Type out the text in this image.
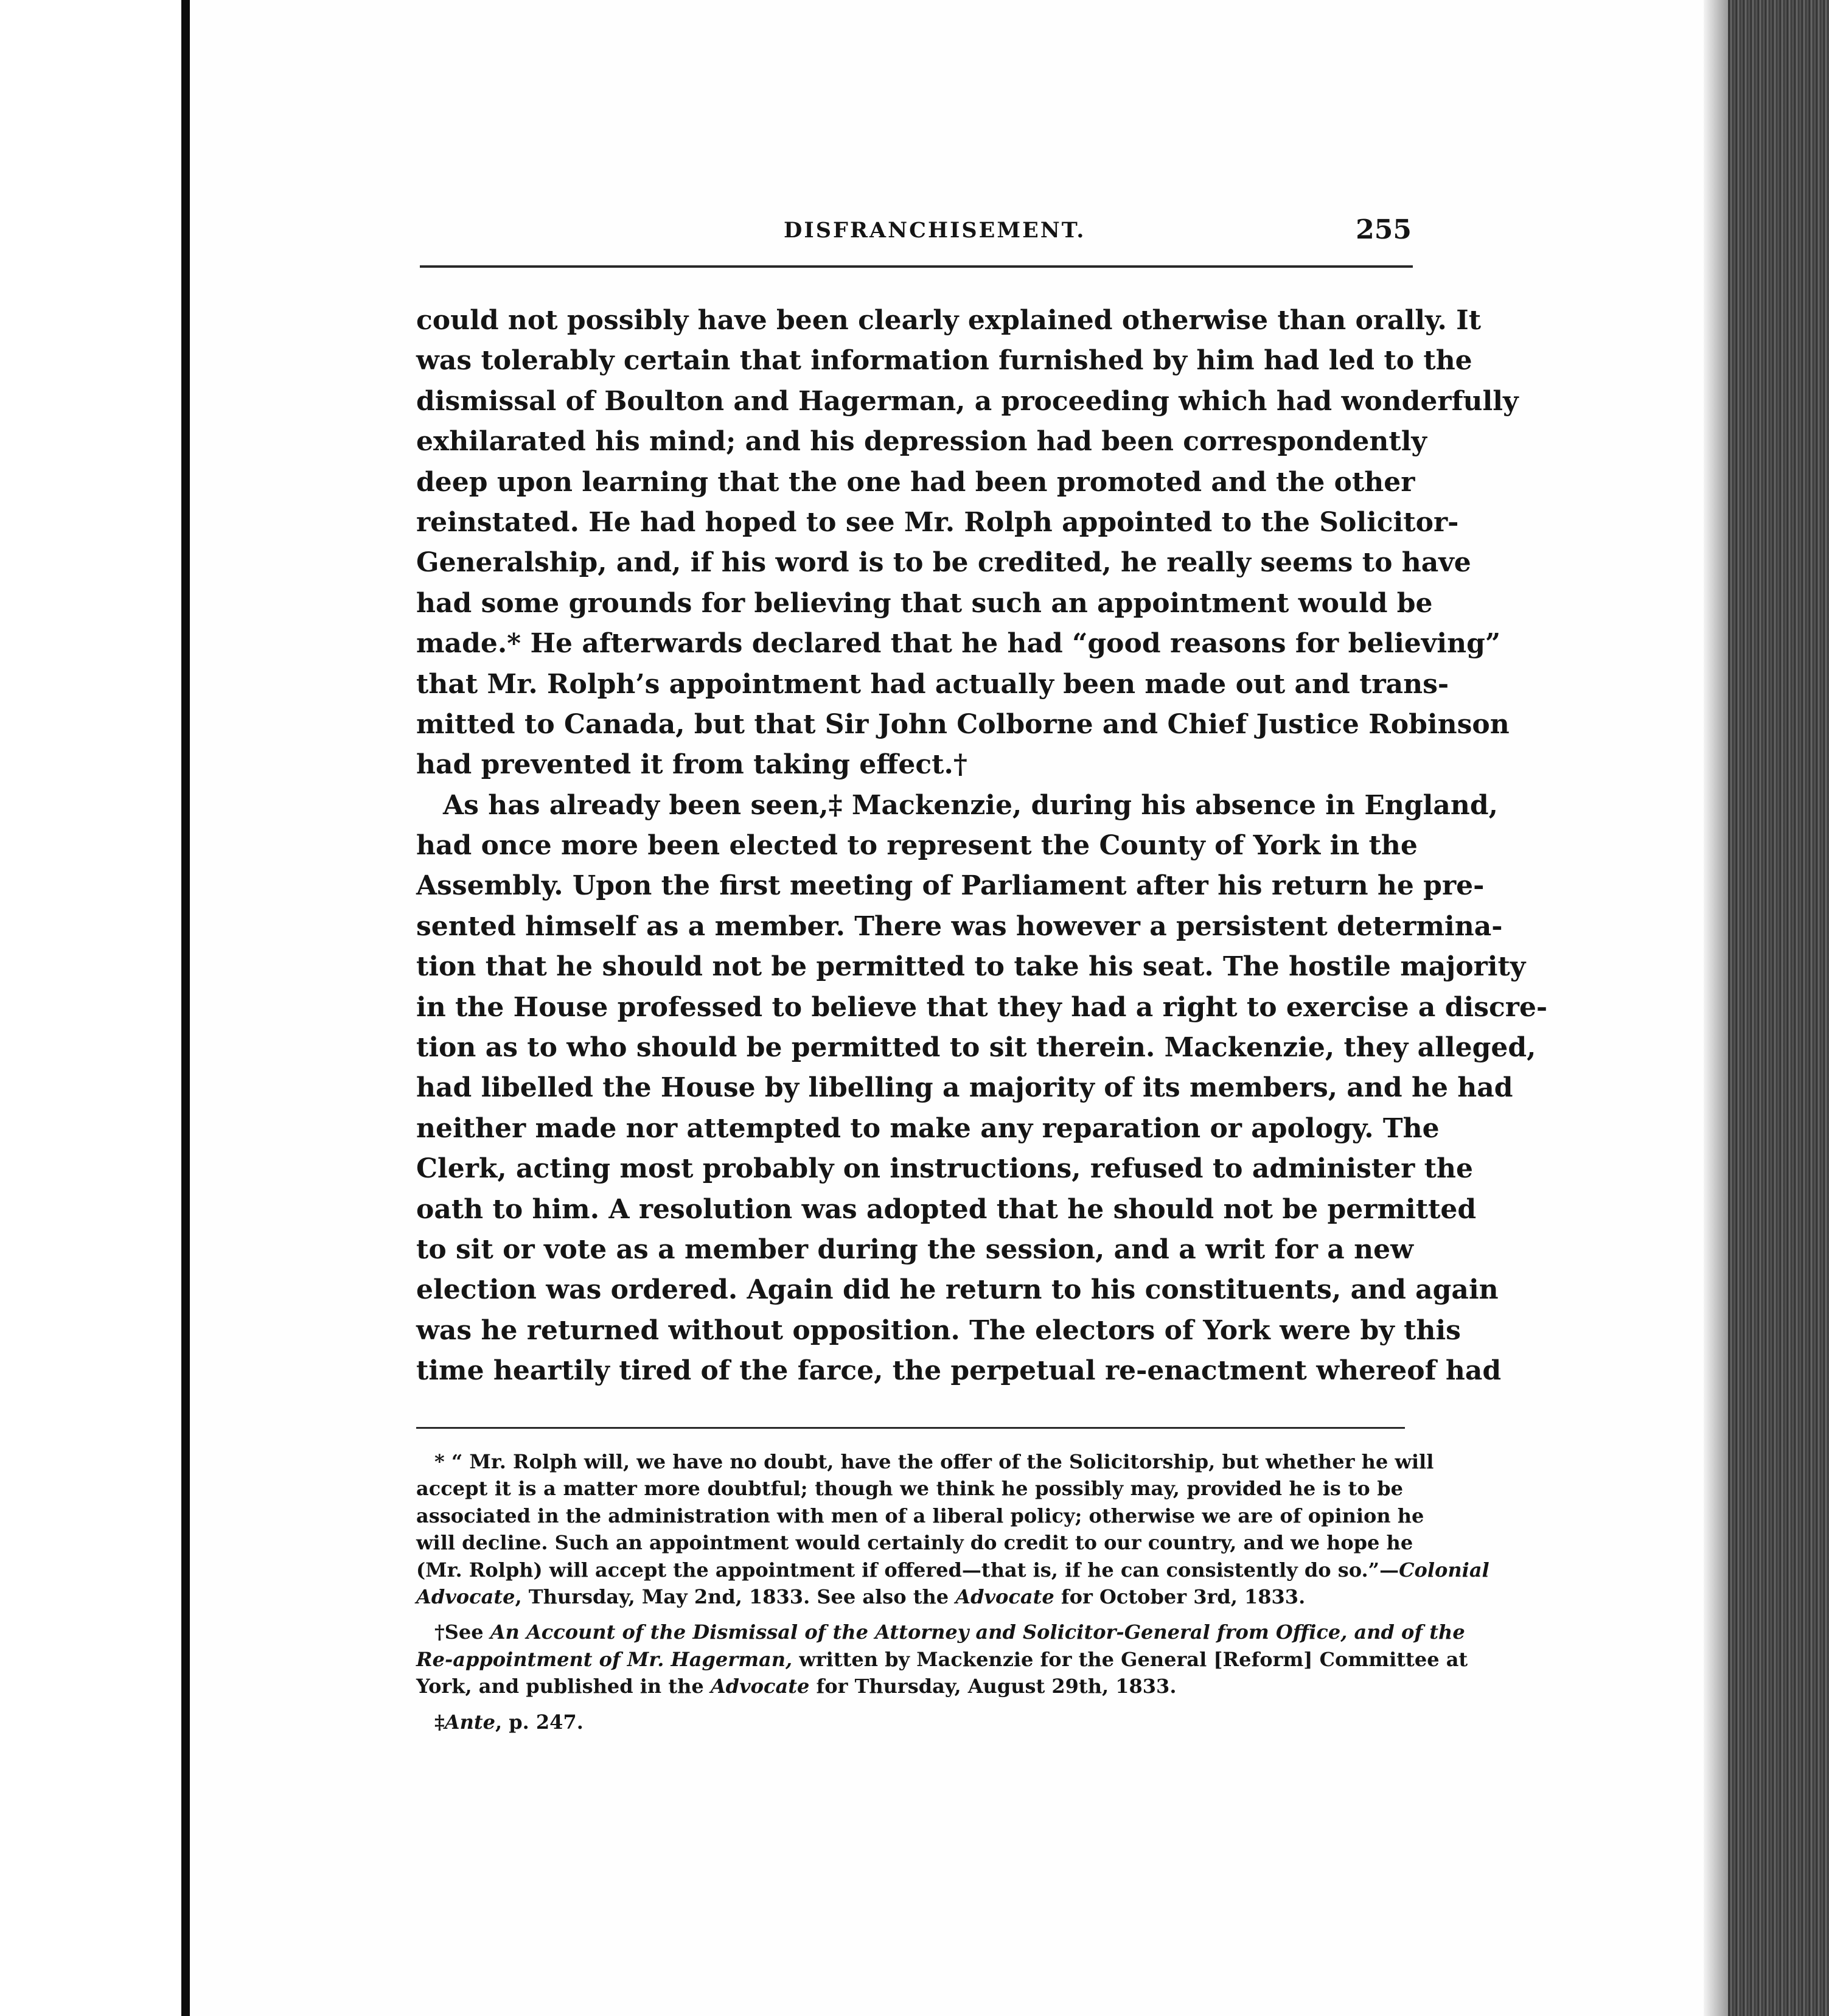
DISFRANCHISEMENT.	255
could not possibly have been clearly explained otherwise than orally. It
was tolerably certain that information furnished by him had led to the
dismissal of Boulton and Hagerman, a proceeding which had wonderfully
exhilarated his mind; and his depression had been correspondently
deep upon learning that the one had been promoted and the other
reinstated. He had hoped to see Mr. Rolph appointed to the Solicitor-
Generalship, and, if his word is to be credited, he really seems to have
had some grounds for believing that such an appointment would be
made.* He afterwards declared that he had “good reasons for believing”
that Mr. Rolph’s appointment had actually been made out and trans-
mitted to Canada, but that Sir John Colborne and Chief Justice Robinson
had prevented it from taking effect.†
As has already been seen,‡ Mackenzie, during his absence in England,
had once more been elected to represent the County of York in the
Assembly. Upon the first meeting of Parliament after his return he pre-
sented himself as a member. There was however a persistent determina-
tion that he should not be permitted to take his seat. The hostile majority
in the House professed to believe that they had a right to exercise a discre-
tion as to who should be permitted to sit therein. Mackenzie, they alleged,
had libelled the House by libelling a majority of its members, and he had
neither made nor attempted to make any reparation or apology. The
Clerk, acting most probably on instructions, refused to administer the
oath to him. A resolution was adopted that he should not be permitted
to sit or vote as a member during the session, and a writ for a new
election was ordered. Again did he return to his constituents, and again
was he returned without opposition. The electors of York were by this
time heartily tired of the farce, the perpetual re-enactment whereof had
* “ Mr. Rolph will, we have no doubt, have the offer of the Solicitorship, but whether he will
accept it is a matter more doubtful; though we think he possibly may, provided he is to be
associated in the administration with men of a liberal policy; otherwise we are of opinion he
will decline. Such an appointment would certainly do credit to our country, and we hope he
(Mr. Rolph) will accept the appointment if offered—that is, if he can consistently do so.”—Colonial
Advocate, Thursday, May 2nd, 1833. See also the Advocate for October 3rd, 1833.
†See An Account of the Dismissal of the Attorney and Solicitor-General from Office, and of the
Re-appointment of Mr. Hagerman, written by Mackenzie for the General [Reform] Committee at
York, and published in the Advocate for Thursday, August 29th, 1833.
‡Ante, p. 247.
